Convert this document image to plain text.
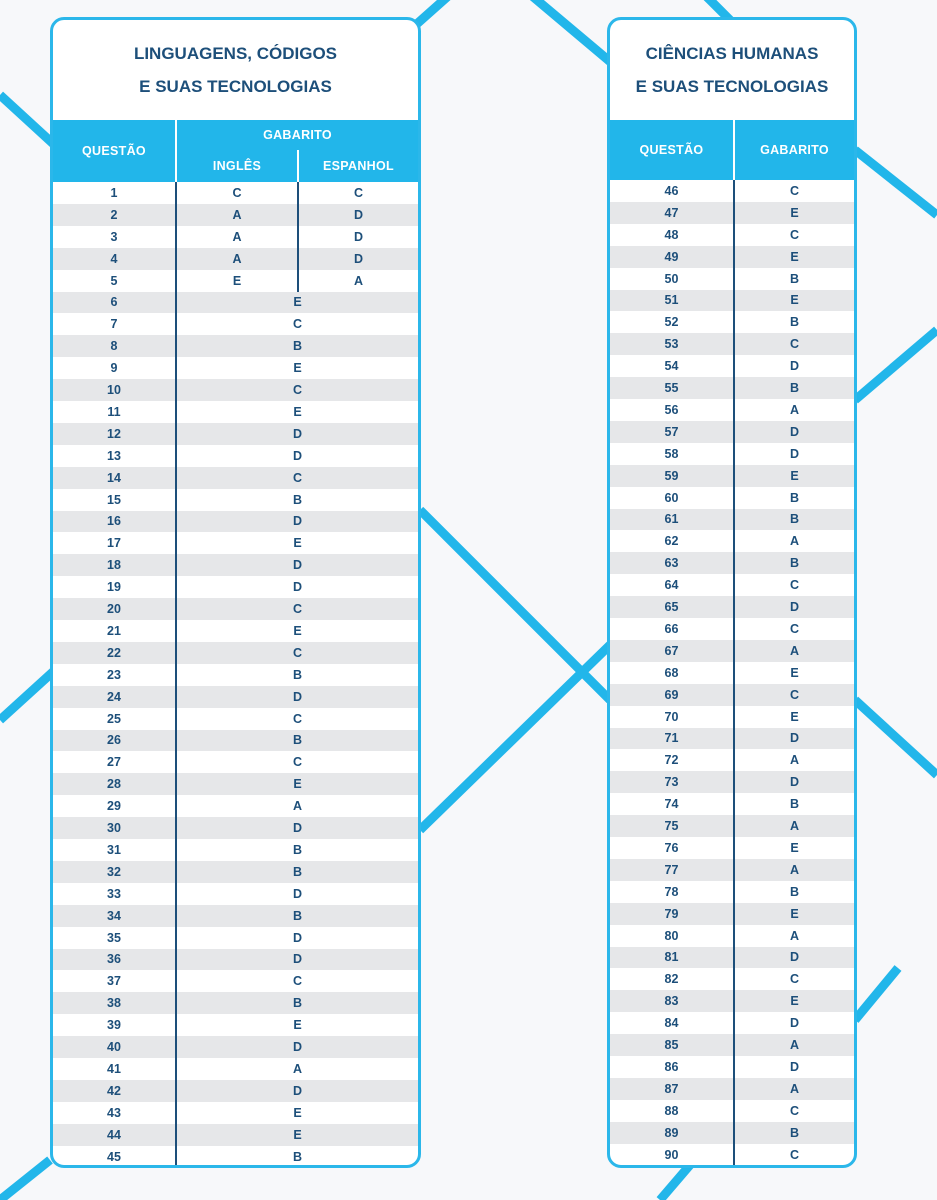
LINGUAGENS, CÓDIGOS
E SUAS TECNOLOGIAS
QUESTÃO
GABARITO
INGLÊS	ESPANHOL
1	C	C
2	A	D
3	A	D
4	A	D
5	E	A
6	E
7	C
8	B
9	E
10	C
11	E
12	D
13	D
14	C
15	B
16	D
17	E
18	D
19	D
20	C
21	E
22	C
23	B
24	D
25	C
26	B
27	C
28	E
29	A
30	D
31	B
32	B
33	D
34	B
35	D
36	D
37	C
38	B
39	E
40	D
41	A
42	D
43	E
44	E
45	B
CIÊNCIAS HUMANAS
E SUAS TECNOLOGIAS
QUESTÃO	GABARITO
46	C
47	E
48	C
49	E
50	B
51	E
52	B
53	C
54	D
55	B
56	A
57	D
58	D
59	E
60	B
61	B
62	A
63	B
64	C
65	D
66	C
67	A
68	E
69	C
70	E
71	D
72	A
73	D
74	B
75	A
76	E
77	A
78	B
79	E
80	A
81	D
82	C
83	E
84	D
85	A
86	D
87	A
88	C
89	B
90	C
